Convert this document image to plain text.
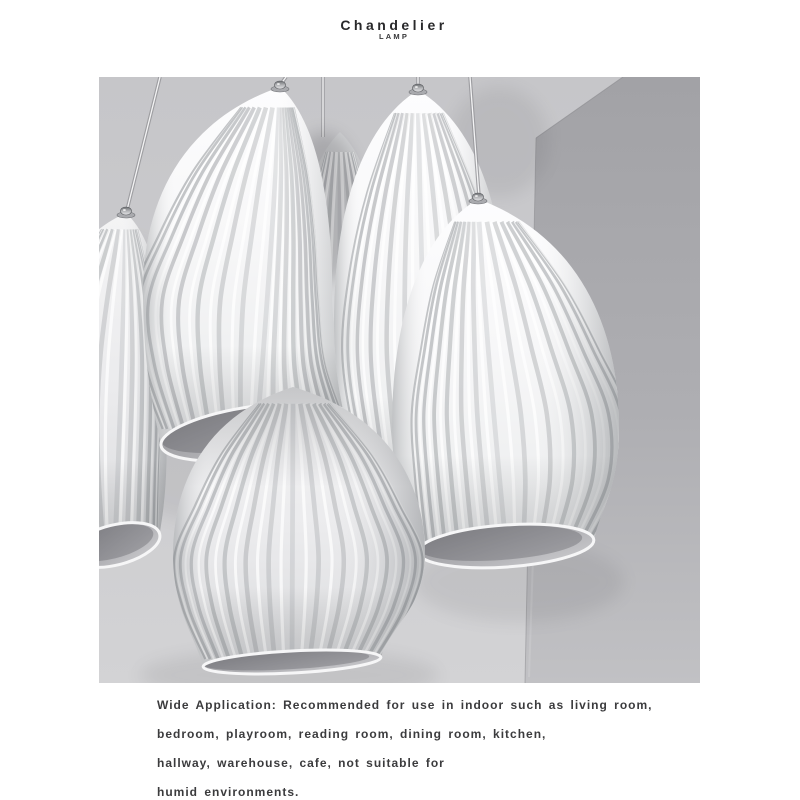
Chandelier
LAMP

Wide Application: Recommended for use in indoor such as living room,

bedroom, playroom, reading room, dining room, kitchen,

hallway, warehouse, cafe, not suitable for

humid environments.
